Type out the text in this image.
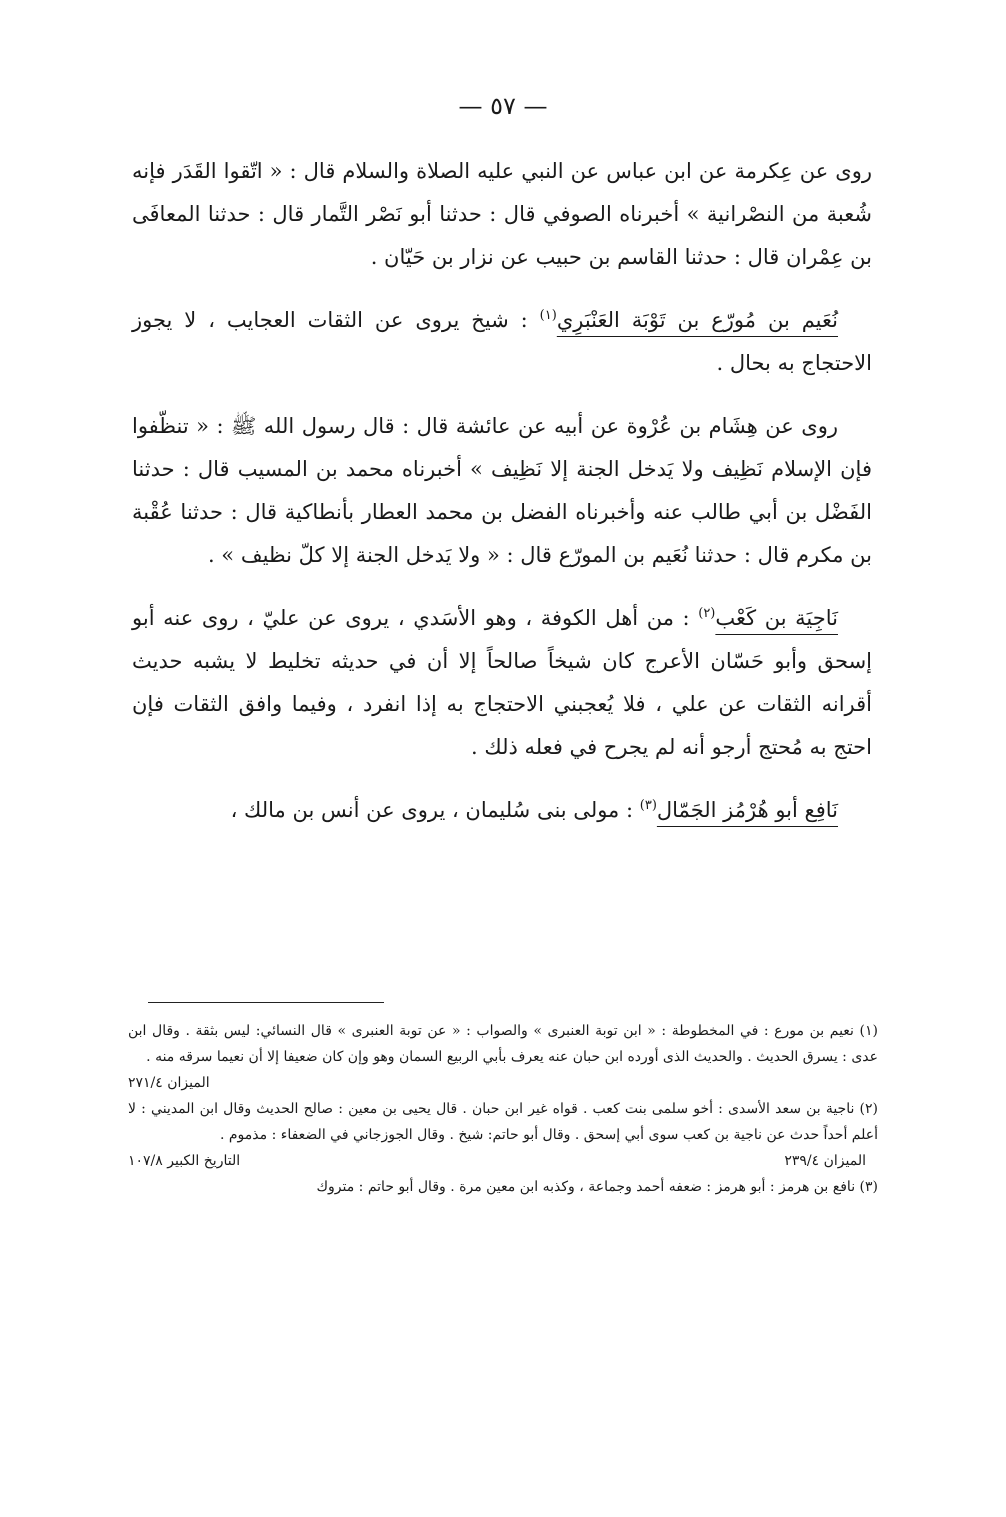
— ٥٧ —

روى عن عِكرمة عن ابن عباس عن النبي عليه الصلاة والسلام قال : « اتّقوا القَدَر فإنه شُعبة من النصْرانية » أخبرناه الصوفي قال : حدثنا أبو نَصْر التَّمار قال : حدثنا المعافَى بن عِمْران قال : حدثنا القاسم بن حبيب عن نزار بن حَيّان .

نُعَيم بن مُورّع بن تَوْبَة العَنْبَرِي$^{(١)}$ : شيخ يروى عن الثقات العجايب ، لا يجوز الاحتجاج به بحال .

روى عن هِشَام بن عُرْوة عن أبيه عن عائشة قال : قال رسول الله ﷺ : « تنظّفوا فإن الإسلام نَظِيف ولا يَدخل الجنة إلا نَظِيف » أخبرناه محمد بن المسيب قال : حدثنا الفَضْل بن أبي طالب عنه وأخبرناه الفضل بن محمد العطار بأنطاكية قال : حدثنا عُقْبة بن مكرم قال : حدثنا نُعَيم بن المورّع قال : « ولا يَدخل الجنة إلا كلّ نظيف » .

نَاجِيَة بن كَعْب$^{(٢)}$ : من أهل الكوفة ، وهو الأسَدي ، يروى عن عليّ ، روى عنه أبو إسحق وأبو حَسّان الأعرج كان شيخاً صالحاً إلا أن في حديثه تخليط لا يشبه حديث أقرانه الثقات عن علي ، فلا يُعجبني الاحتجاج به إذا انفرد ، وفيما وافق الثقات فإن احتج به مُحتج أرجو أنه لم يجرح في فعله ذلك .

نَافِع أبو هُرْمُز الجَمّال$^{(٣)}$ : مولى بنى سُليمان ، يروى عن أنس بن مالك ،

(١) نعيم بن مورع : في المخطوطة : « ابن توبة العنبرى » والصواب : « عن توبة العنبرى » قال النسائي: ليس بثقة . وقال ابن عدى : يسرق الحديث . والحديث الذى أورده ابن حبان عنه يعرف بأبي الربيع السمان وهو وإن كان ضعيفا إلا أن نعيما سرقه منه .

الميزان ٢٧١/٤

(٢) ناجية بن سعد الأسدى : أخو سلمى بنت كعب . قواه غير ابن حبان . قال يحيى بن معين : صالح الحديث وقال ابن المديني : لا أعلم أحداً حدث عن ناجية بن كعب سوى أبي إسحق . وقال أبو حاتم: شيخ . وقال الجوزجاني في الضعفاء : مذموم .

الميزان ٢٣٩/٤
التاريخ الكبير ١٠٧/٨

(٣) نافع بن هرمز : أبو هرمز : ضعفه أحمد وجماعة ، وكذبه ابن معين مرة . وقال أبو حاتم : متروك
